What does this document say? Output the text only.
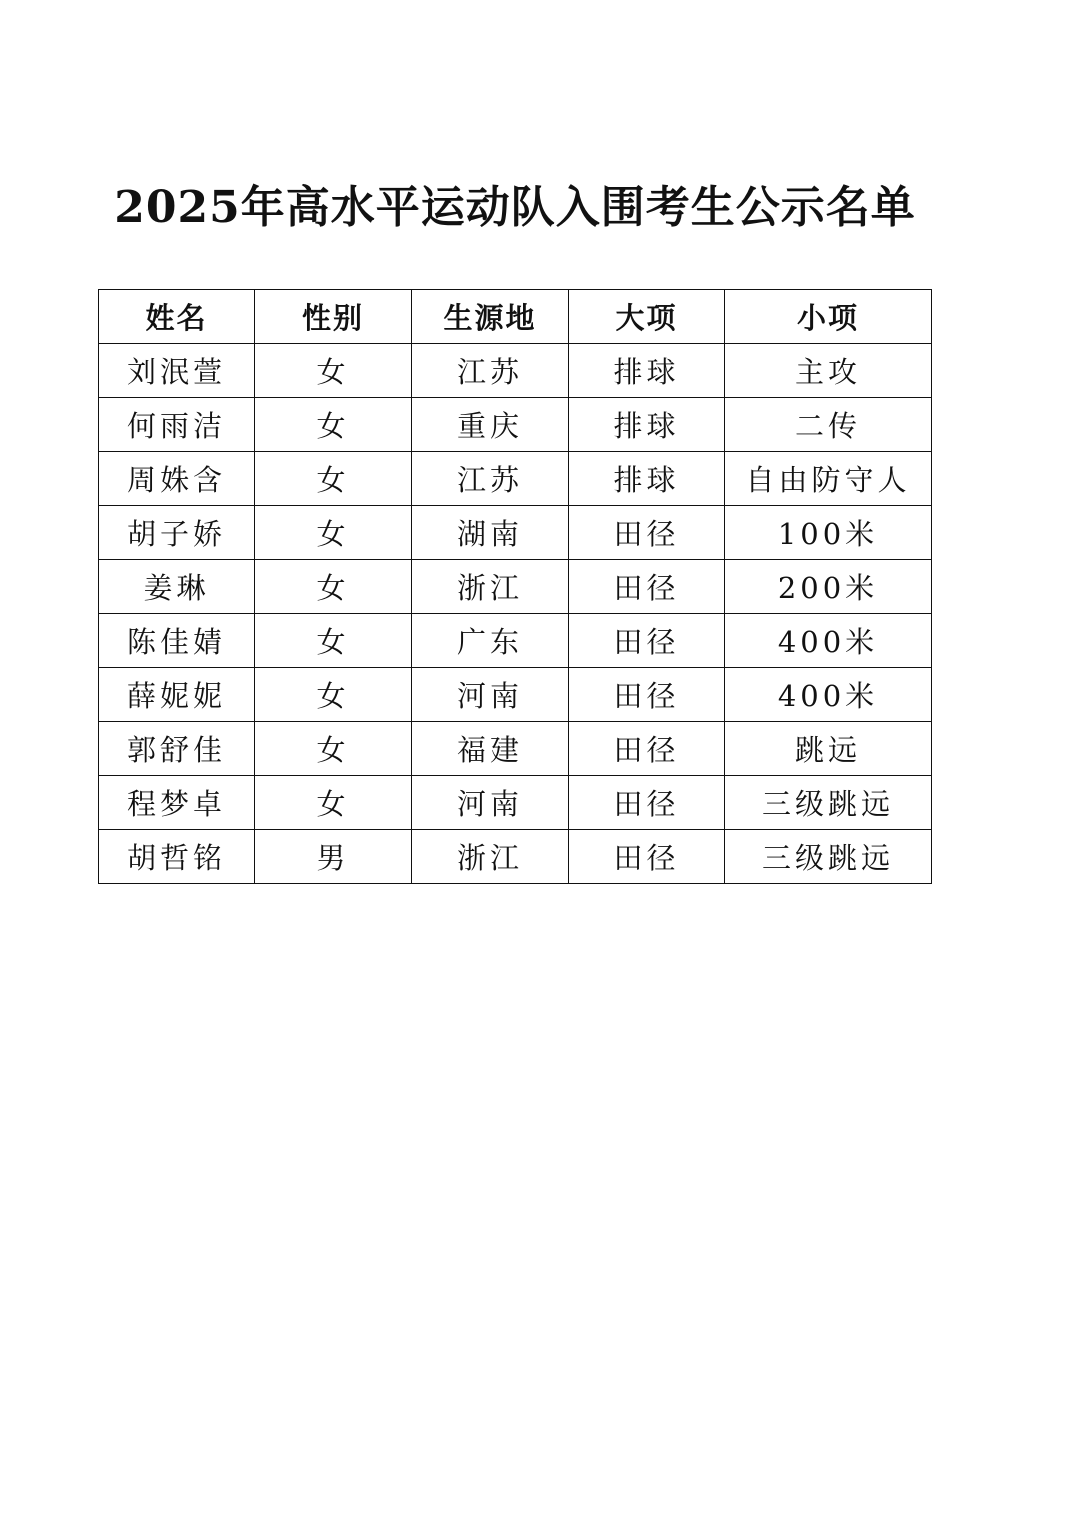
2025年高水平运动队入围考生公示名单
姓名	性别	生源地	大项	小项
刘泯萱	女	江苏	排球	主攻
何雨洁	女	重庆	排球	二传
周姝含	女	江苏	排球	自由防守人
胡子娇	女	湖南	田径	100米
姜琳	女	浙江	田径	200米
陈佳婧	女	广东	田径	400米
薛妮妮	女	河南	田径	400米
郭舒佳	女	福建	田径	跳远
程梦卓	女	河南	田径	三级跳远
胡哲铭	男	浙江	田径	三级跳远
